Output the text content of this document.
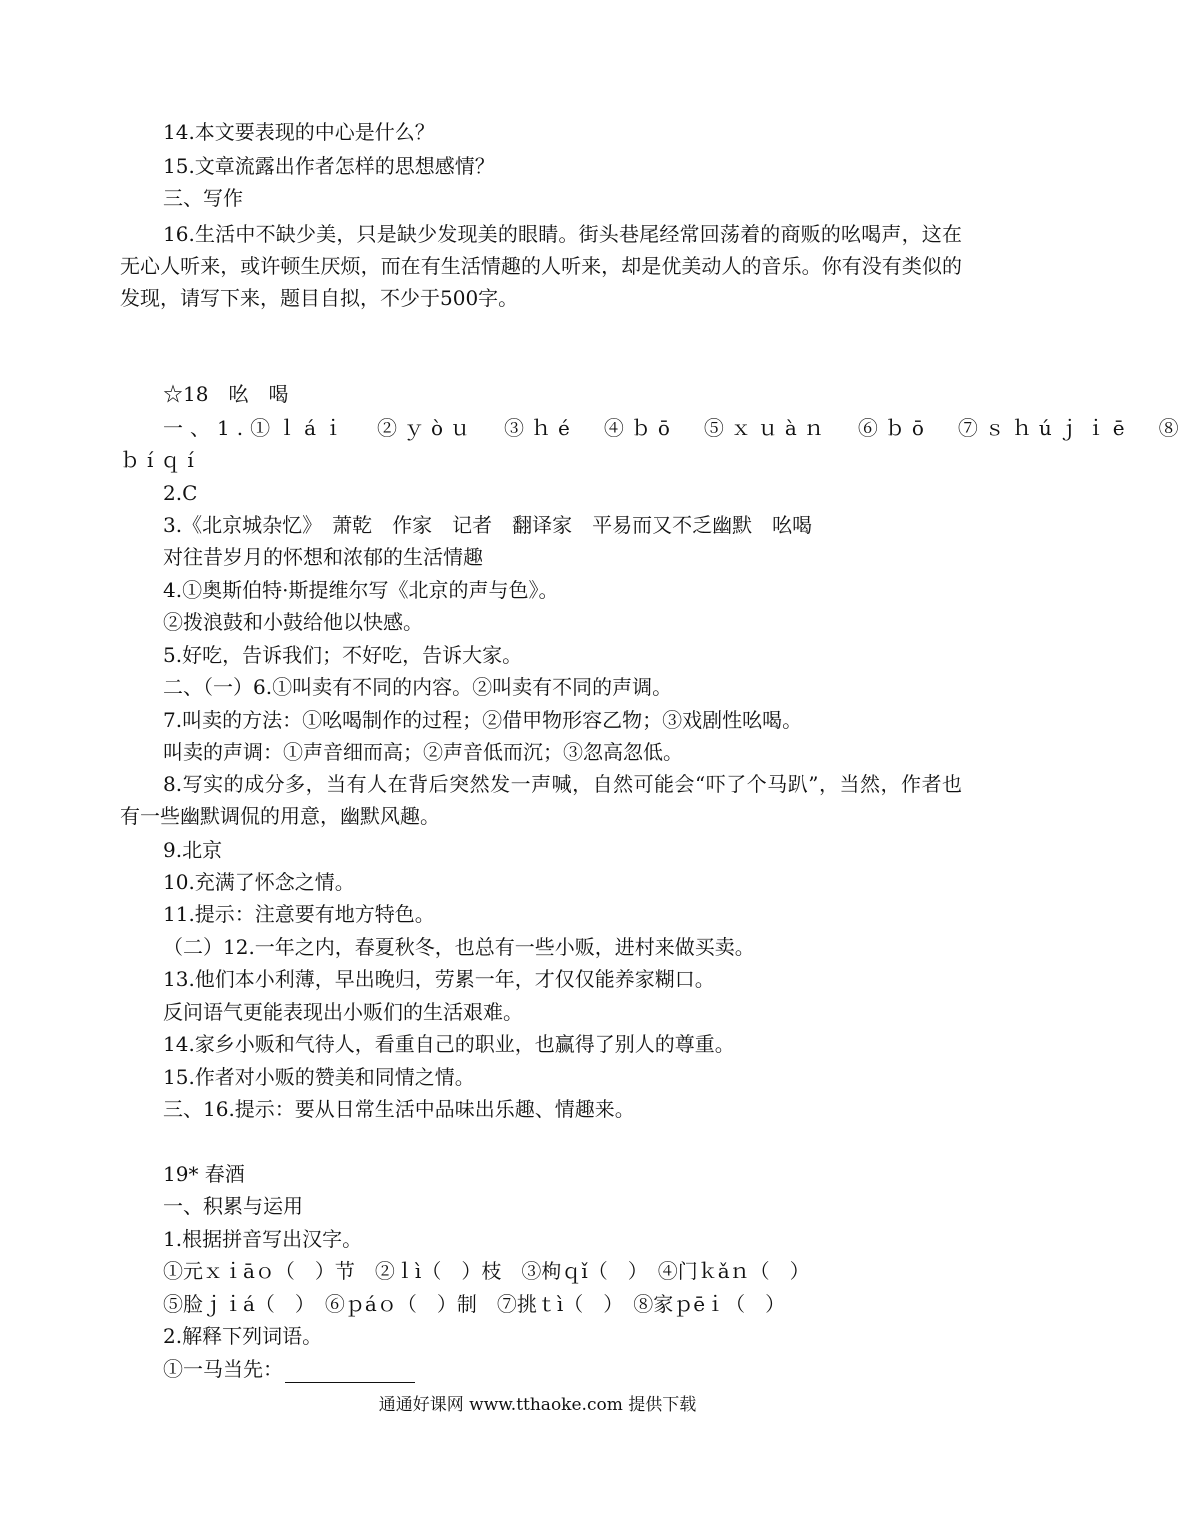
14.本文要表现的中心是什么？
15.文章流露出作者怎样的思想感情？
三、写作
16.生活中不缺少美，只是缺少发现美的眼睛。街头巷尾经常回荡着的商贩的吆喝声，这在无心人听来，或许顿生厌烦，而在有生活情趣的人听来，却是优美动人的音乐。你有没有类似的发现，请写下来，题目自拟，不少于500字。
☆18　吆　喝
一、1.①ｌáｉ　②ｙòｕ　③ｈé　④ｂō　⑤ｘｕàｎ　⑥ｂō　⑦ｓｈúｊｉē　⑧
ｂíｑí
2.C
3.《北京城杂忆》　萧乾　作家　记者　翻译家　平易而又不乏幽默　吆喝
对往昔岁月的怀想和浓郁的生活情趣
4.①奥斯伯特·斯提维尔写《北京的声与色》。
②拨浪鼓和小鼓给他以快感。
5.好吃，告诉我们；不好吃，告诉大家。
二、（一）6.①叫卖有不同的内容。②叫卖有不同的声调。
7.叫卖的方法：①吆喝制作的过程；②借甲物形容乙物；③戏剧性吆喝。
叫卖的声调：①声音细而高；②声音低而沉；③忽高忽低。
8.写实的成分多，当有人在背后突然发一声喊，自然可能会“吓了个马趴”，当然，作者也有一些幽默调侃的用意，幽默风趣。
9.北京
10.充满了怀念之情。
11.提示：注意要有地方特色。
（二）12.一年之内，春夏秋冬，也总有一些小贩，进村来做买卖。
13.他们本小利薄，早出晚归，劳累一年，才仅仅能养家糊口。
反问语气更能表现出小贩们的生活艰难。
14.家乡小贩和气待人，看重自己的职业，也赢得了别人的尊重。
15.作者对小贩的赞美和同情之情。
三、16.提示：要从日常生活中品味出乐趣、情趣来。
19* 春酒
一、积累与运用
1.根据拼音写出汉字。
①元ｘｉāｏ（　）节　②ｌì（　）枝　③枸ｑǐ（　）　④门ｋǎｎ（　）
⑤脸ｊｉá（　）　⑥ｐáｏ（　）制　⑦挑ｔì（　）　⑧家ｐēｉ（　）
2.解释下列词语。
①一马当先：
通通好课网 www.tthaoke.com 提供下载
